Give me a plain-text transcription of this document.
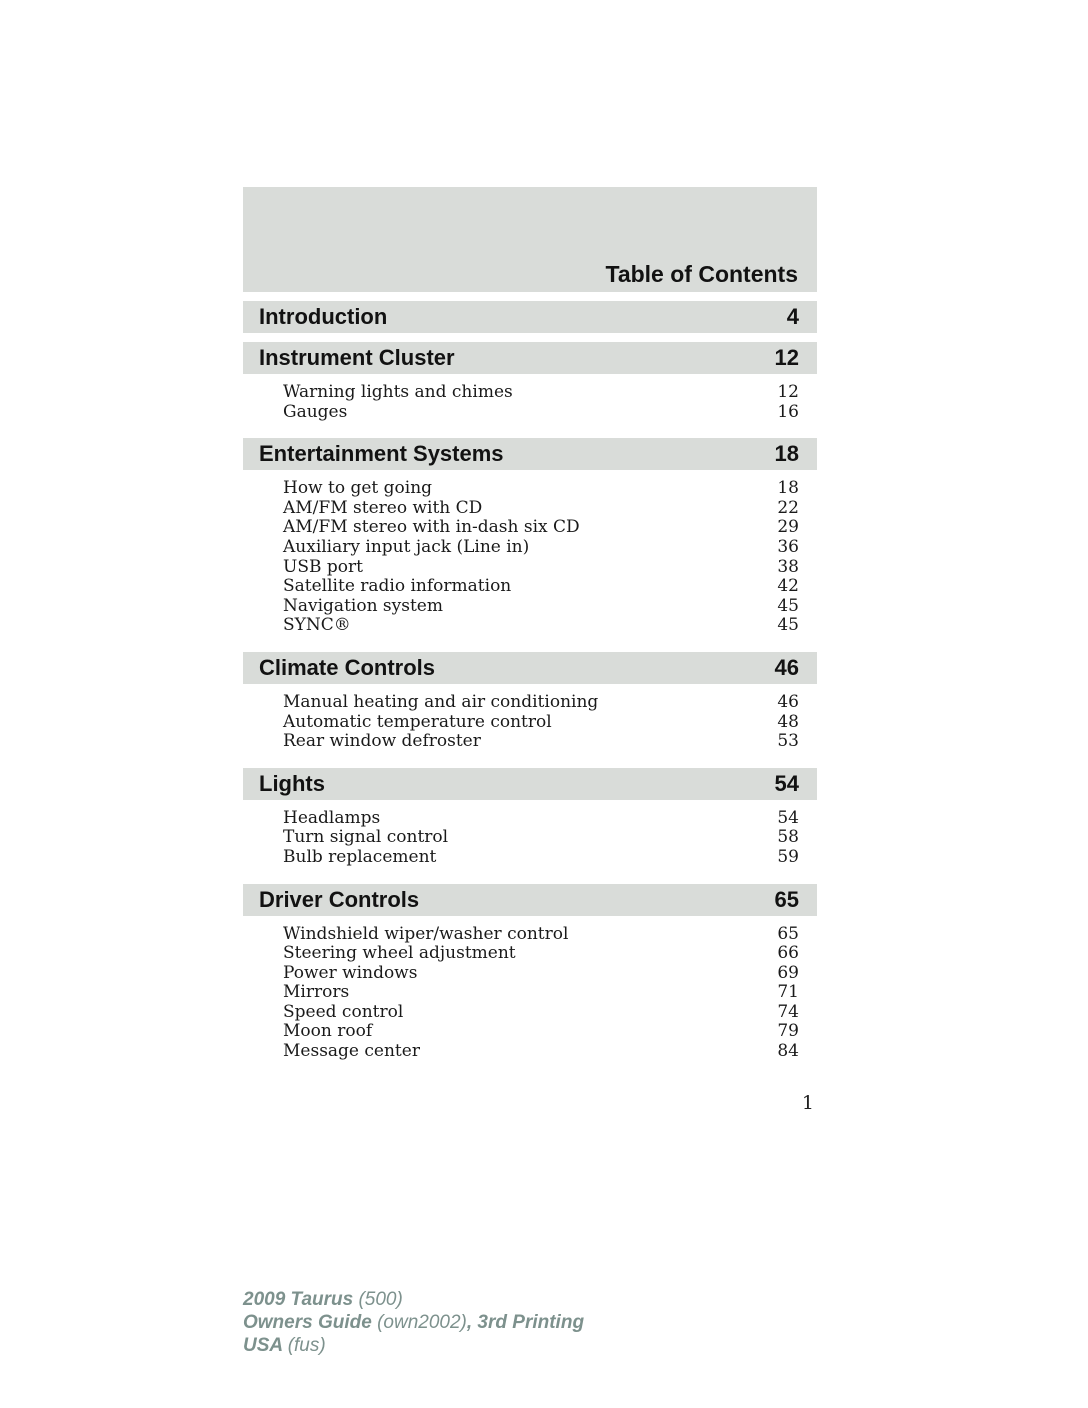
Table of Contents
Introduction	4
Instrument Cluster	12
Warning lights and chimes	12
Gauges	16
Entertainment Systems	18
How to get going	18
AM/FM stereo with CD	22
AM/FM stereo with in-dash six CD	29
Auxiliary input jack (Line in)	36
USB port	38
Satellite radio information	42
Navigation system	45
SYNC®	45
Climate Controls	46
Manual heating and air conditioning	46
Automatic temperature control	48
Rear window defroster	53
Lights	54
Headlamps	54
Turn signal control	58
Bulb replacement	59
Driver Controls	65
Windshield wiper/washer control	65
Steering wheel adjustment	66
Power windows	69
Mirrors	71
Speed control	74
Moon roof	79
Message center	84
1
2009 Taurus (500)
Owners Guide (own2002), 3rd Printing
USA (fus)
